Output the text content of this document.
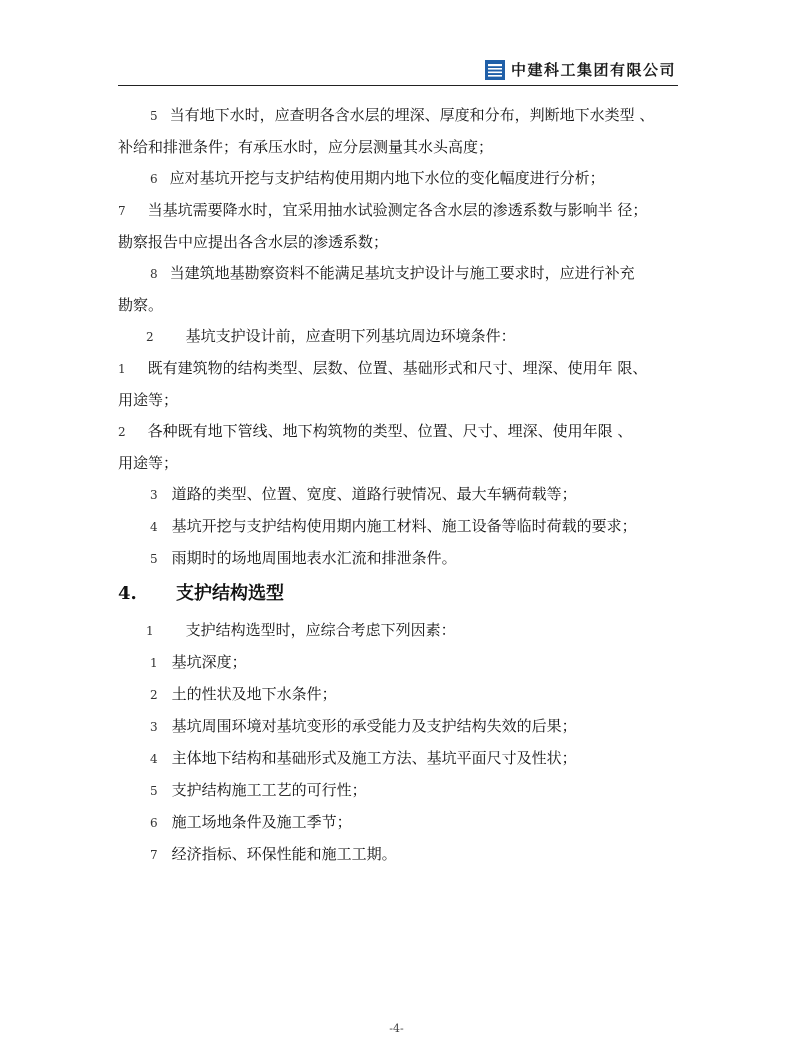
中建科工集团有限公司
5 当有地下水时，应查明各含水层的埋深、厚度和分布，判断地下水类型 、
补给和排泄条件；有承压水时，应分层测量其水头高度；
6 应对基坑开挖与支护结构使用期内地下水位的变化幅度进行分析；
7 当基坑需要降水时，宜采用抽水试验测定各含水层的渗透系数与影响半 径；
勘察报告中应提出各含水层的渗透系数；
8 当建筑地基勘察资料不能满足基坑支护设计与施工要求时，应进行补充
勘察。
2 基坑支护设计前，应查明下列基坑周边环境条件：
1 既有建筑物的结构类型、层数、位置、基础形式和尺寸、埋深、使用年 限、
用途等；
2 各种既有地下管线、地下构筑物的类型、位置、尺寸、埋深、使用年限 、
用途等；
3 道路的类型、位置、宽度、道路行驶情况、最大车辆荷载等；
4 基坑开挖与支护结构使用期内施工材料、施工设备等临时荷载的要求；
5 雨期时的场地周围地表水汇流和排泄条件。
4. 支护结构选型
1 支护结构选型时，应综合考虑下列因素：
1 基坑深度；
2 土的性状及地下水条件；
3 基坑周围环境对基坑变形的承受能力及支护结构失效的后果；
4 主体地下结构和基础形式及施工方法、基坑平面尺寸及性状；
5 支护结构施工工艺的可行性；
6 施工场地条件及施工季节；
7 经济指标、环保性能和施工工期。
-4-
